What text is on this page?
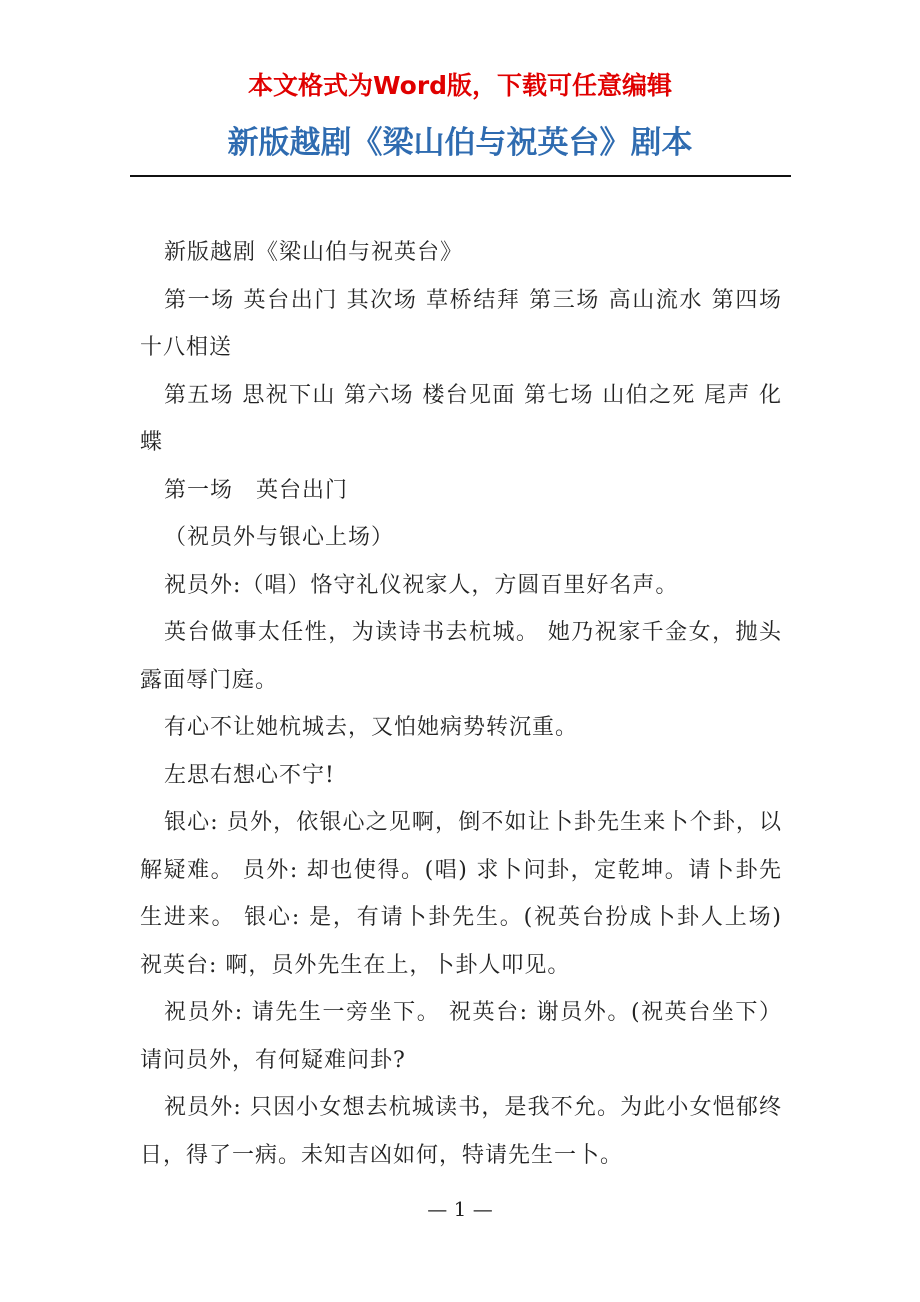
本文格式为Word版，下载可任意编辑
新版越剧《梁山伯与祝英台》剧本

新版越剧《梁山伯与祝英台》

第一场 英台出门 其次场 草桥结拜 第三场 高山流水 第四场 十八相送

第五场 思祝下山 第六场 楼台见面 第七场 山伯之死 尾声 化蝶

第一场　英台出门

（祝员外与银心上场）

祝员外:（唱）恪守礼仪祝家人，方圆百里好名声。

英台做事太任性，为读诗书去杭城。 她乃祝家千金女，抛头露面辱门庭。

有心不让她杭城去，又怕她病势转沉重。

左思右想心不宁!

银心: 员外，依银心之见啊，倒不如让卜卦先生来卜个卦，以解疑难。 员外: 却也使得。(唱) 求卜问卦，定乾坤。请卜卦先生进来。 银心: 是，有请卜卦先生。(祝英台扮成卜卦人上场)　祝英台: 啊，员外先生在上，卜卦人叩见。

祝员外: 请先生一旁坐下。 祝英台: 谢员外。(祝英台坐下）请问员外，有何疑难问卦?

祝员外: 只因小女想去杭城读书，是我不允。为此小女悒郁终日，得了一病。未知吉凶如何，特请先生一卜。

— 1 —
